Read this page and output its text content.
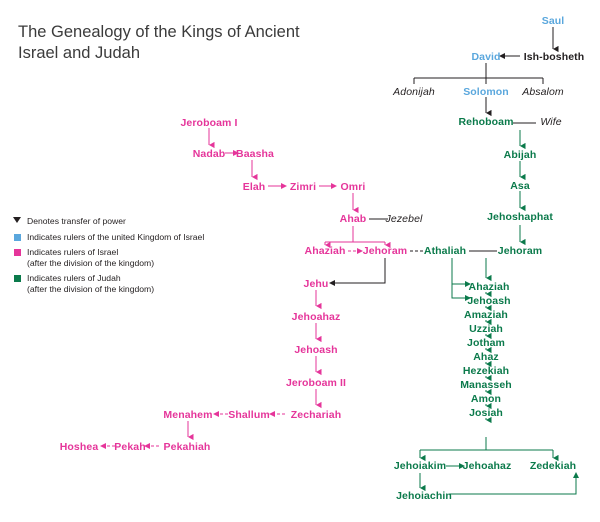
The Genealogy of the Kings of Ancient Israel and Judah
Denotes transfer of power
Indicates rulers of the united Kingdom of Israel
Indicates rulers of Israel
(after the division of the kingdom)
Indicates rulers of Judah
(after the division of the kingdom)
Saul
David Ish-bosheth
Adonijah	Solomon Absalom
Rehoboam	Wife
Abijah
Asa
Jehoshaphat
Jehoram
Athaliah
Ahaziah
Jehoash
Amaziah
Uzziah
Jotham
Ahaz
Hezekiah
Manasseh
Amon
Josiah
Jehoiakim Jehoahaz Zedekiah
Jehoiachin
Jeroboam I
Nadab Baasha
Elah Zimri Omri
Ahab Jezebel
Ahaziah Jehoram
Jehu
Jehoahaz
Jehoash
Jeroboam II
Zechariah
Shallum
Menahem
Pekahiah
Pekah
Hoshea
